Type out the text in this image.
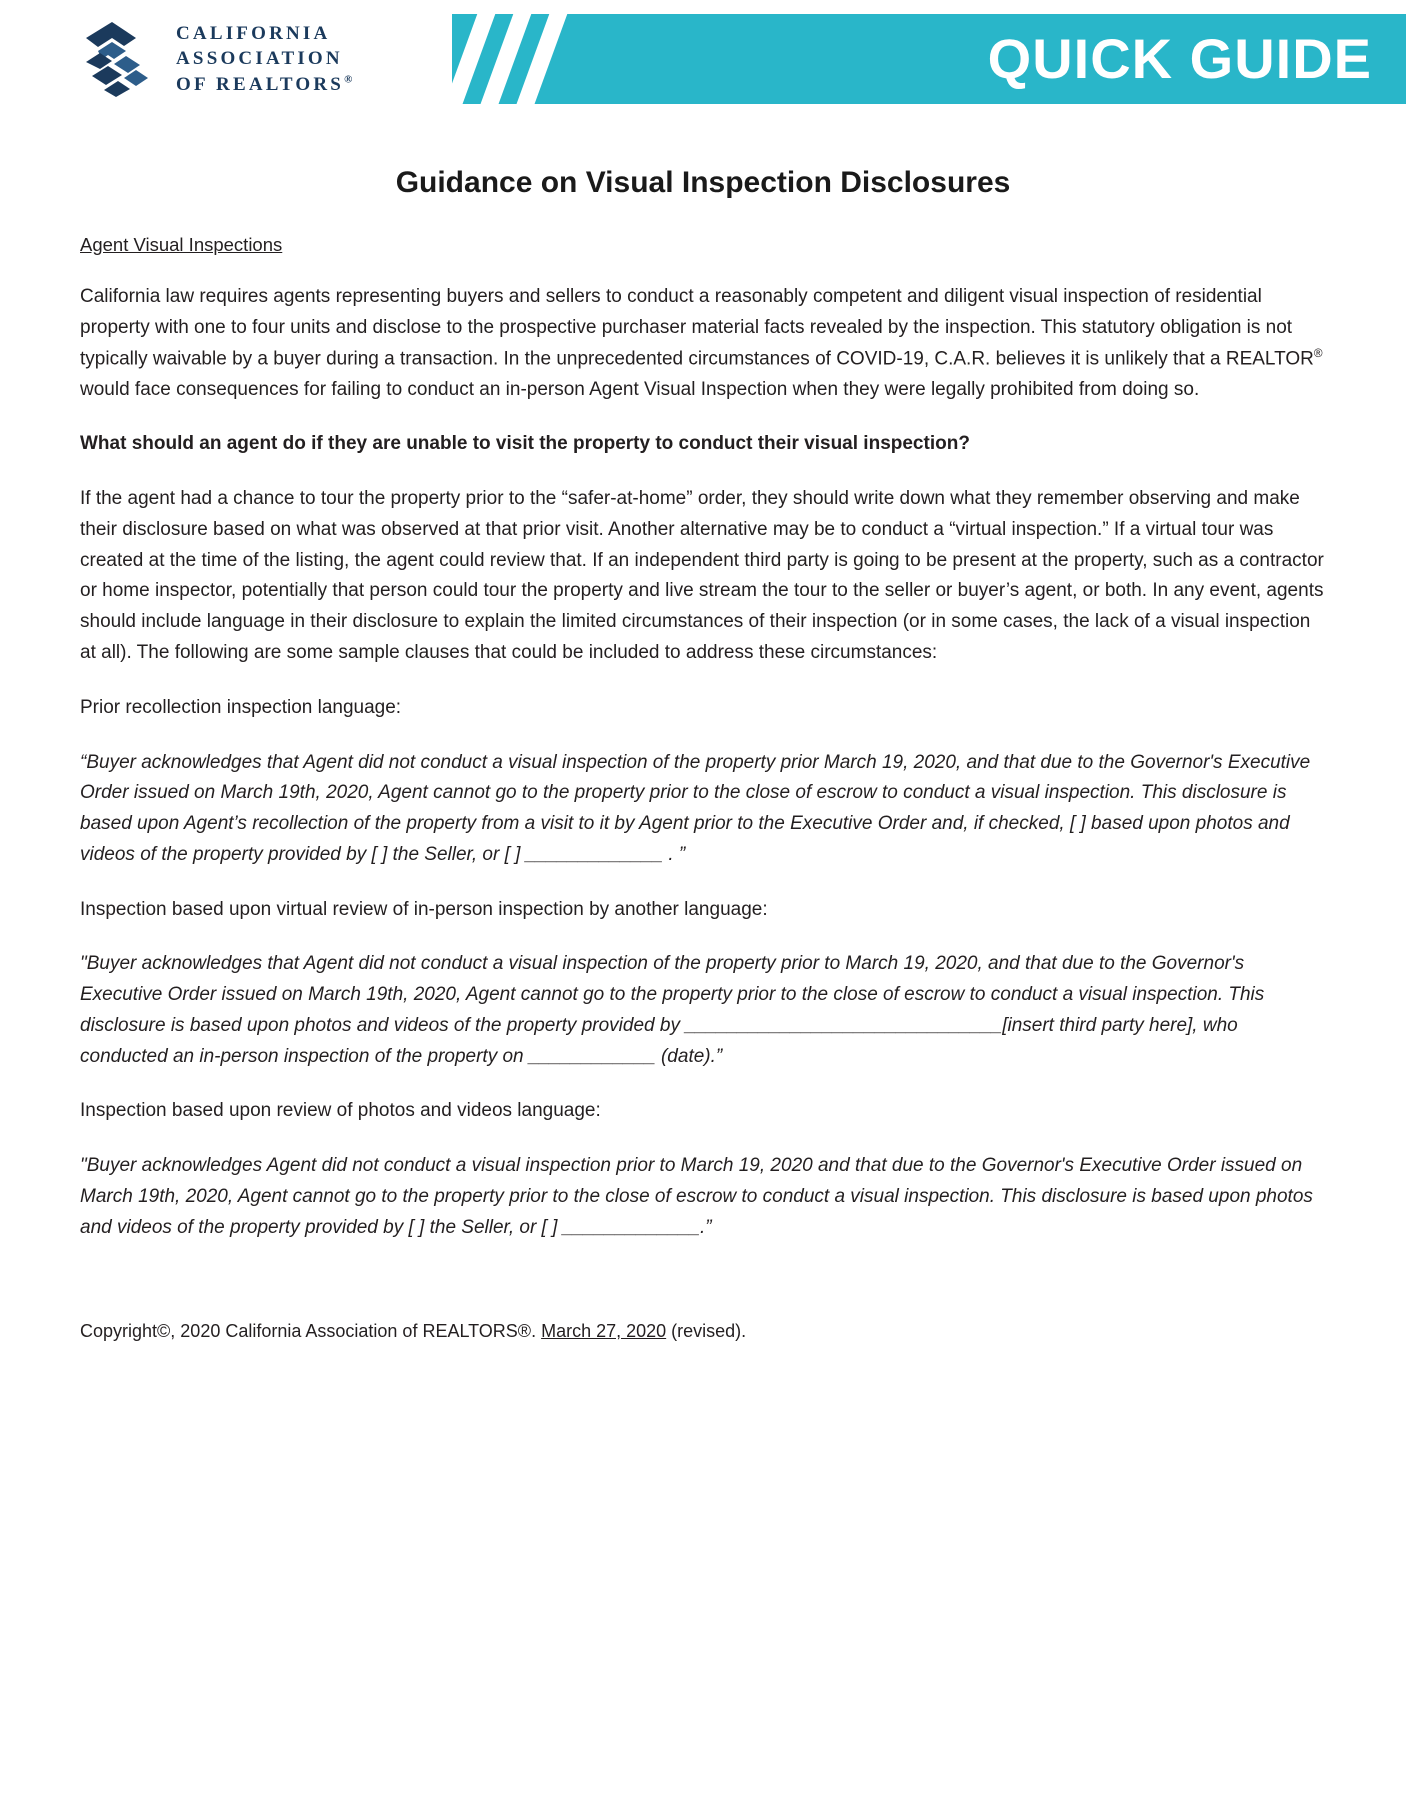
QUICK GUIDE
CALIFORNIA
ASSOCIATION
OF REALTORS®
Guidance on Visual Inspection Disclosures
Agent Visual Inspections

California law requires agents representing buyers and sellers to conduct a reasonably competent and diligent visual inspection of residential property with one to four units and disclose to the prospective purchaser material facts revealed by the inspection. This statutory obligation is not typically waivable by a buyer during a transaction. In the unprecedented circumstances of COVID-19, C.A.R. believes it is unlikely that a REALTOR® would face consequences for failing to conduct an in-person Agent Visual Inspection when they were legally prohibited from doing so.

What should an agent do if they are unable to visit the property to conduct their visual inspection?

If the agent had a chance to tour the property prior to the “safer-at-home” order, they should write down what they remember observing and make their disclosure based on what was observed at that prior visit. Another alternative may be to conduct a “virtual inspection.” If a virtual tour was created at the time of the listing, the agent could review that. If an independent third party is going to be present at the property, such as a contractor or home inspector, potentially that person could tour the property and live stream the tour to the seller or buyer’s agent, or both. In any event, agents should include language in their disclosure to explain the limited circumstances of their inspection (or in some cases, the lack of a visual inspection at all). The following are some sample clauses that could be included to address these circumstances:

Prior recollection inspection language:

“Buyer acknowledges that Agent did not conduct a visual inspection of the property prior March 19, 2020, and that due to the Governor's Executive Order issued on March 19th, 2020, Agent cannot go to the property prior to the close of escrow to conduct a visual inspection. This disclosure is based upon Agent’s recollection of the property from a visit to it by Agent prior to the Executive Order and, if checked, [ ] based upon photos and videos of the property provided by [ ] the Seller, or [ ] _____________ . ”

Inspection based upon virtual review of in-person inspection by another language:

"Buyer acknowledges that Agent did not conduct a visual inspection of the property prior to March 19, 2020, and that due to the Governor's Executive Order issued on March 19th, 2020, Agent cannot go to the property prior to the close of escrow to conduct a visual inspection. This disclosure is based upon photos and videos of the property provided by ______________________________[insert third party here], who conducted an in-person inspection of the property on ____________ (date).”

Inspection based upon review of photos and videos language:

"Buyer acknowledges Agent did not conduct a visual inspection prior to March 19, 2020 and that due to the Governor's Executive Order issued on March 19th, 2020, Agent cannot go to the property prior to the close of escrow to conduct a visual inspection. This disclosure is based upon photos and videos of the property provided by [ ] the Seller, or [ ] _____________.”

Copyright©, 2020 California Association of REALTORS®. March 27, 2020 (revised).
